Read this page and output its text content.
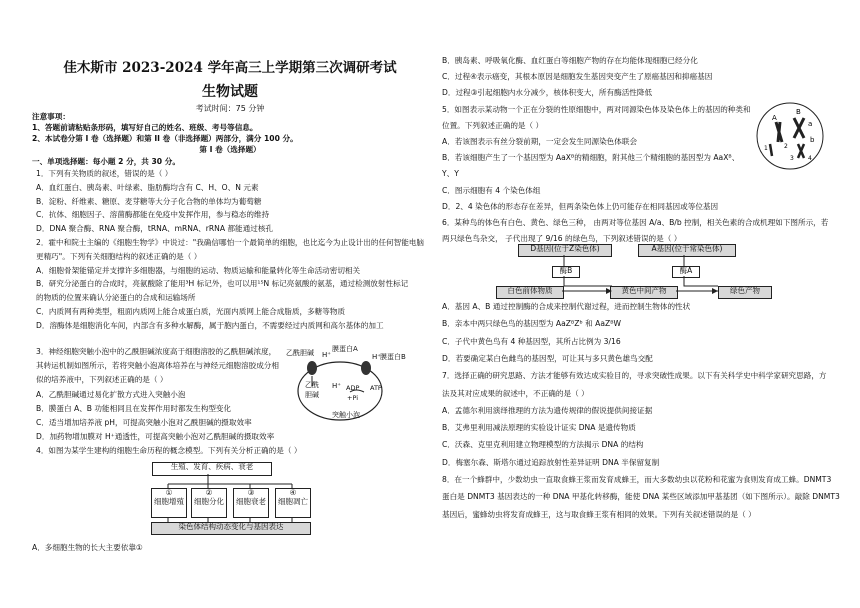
佳木斯市 2023-2024 学年高三上学期第三次调研考试
生物试题
考试时间：75 分钟
注意事项：
1、答题前请粘贴条形码，填写好自己的姓名、班级、考号等信息。
2、本试卷分第 I 卷（选择题）和第 II 卷（非选择题）两部分，满分 100 分。
第 I 卷（选择题）
一、单项选择题：每小题 2 分，共 30 分。
1．下列有关物质的叙述，错误的是（ ）
A．血红蛋白、胰岛素、叶绿素、脂肪酶均含有 C、H、O、N 元素
B．淀粉、纤维素、糖原、麦芽糖等大分子化合物的单体均为葡萄糖
C．抗体、细胞因子、溶菌酶都能在免疫中发挥作用，参与稳态的维持
D．DNA 聚合酶、RNA 聚合酶，tRNA、mRNA、rRNA 都能通过核孔
2．霍中和院士主编的《细胞生物学》中说过："我确信哪怕一个最简单的细胞，也比迄今为止设计出的任何智能电脑
更精巧"。下列有关细胞结构的叙述正确的是（ ）
A．细胞骨架能锚定并支撑许多细胞器，与细胞的运动、物质运输和能量转化等生命活动密切相关
B．研究分泌蛋白的合成时，亮氨酸除了能用³H 标记外，也可以用¹⁵N 标记亮氨酸的氨基，通过检测放射性标记
的物质的位置来确认分泌蛋白的合成和运输场所
C．内质网有两种类型，粗面内质网上能合成蛋白质，光面内质网上能合成脂质，多糖等物质
D．溶酶体是细胞消化车间，内部含有多种水解酶，属于胞内蛋白，不需要经过内质网和高尔基体的加工
3．神经细胞突触小泡中的乙酰胆碱浓度高于细胞溶胶的乙酰胆碱浓度，
其转运机制如图所示，若将突触小泡离体培养在与神经元细胞溶胶成分相
似的培养液中，下列叙述正确的是（ ）
A．乙酰胆碱通过易化扩散方式进入突触小泡
B．膜蛋白 A、B 功能相同且在发挥作用时都发生构型变化
C．适当增加培养液 pH，可提高突触小泡对乙酰胆碱的摄取效率
D．加药物增加膜对 H⁺通透性，可提高突触小泡对乙酰胆碱的摄取效率
4．如图为某学生建构的细胞生命历程的概念模型。下列有关分析正确的是（ ）
乙酰胆碱 H⁺
膜蛋白A
H⁺ 膜蛋白B
乙酰
胆碱
H⁺ ADP ATP
+Pi
突触小泡
生殖、发育、疾病、衰老
①
细胞增殖
②
细胞分化
③
细胞衰老
④
细胞凋亡
染色体结构动态变化与基因表达
A．多细胞生物的长大主要依靠①
B．胰岛素、呼吸氧化酶、血红蛋白等细胞产物的存在均能体现细胞已经分化
C．过程④表示癌变，其根本原因是细胞发生基因突变产生了原癌基因和抑癌基因
D．过程③引起细胞内水分减少，核体积变大，所有酶活性降低
5．如图表示某动物一个正在分裂的性原细胞中，两对同源染色体及染色体上的基因的种类和
位置。下列叙述正确的是（ ）
A．若该图表示有丝分裂前期，一定会发生同源染色体联会
B．若该细胞产生了一个基因型为 AaXᴮ的精细胞，附其他三个精细胞的基因型为 AaXᴮ、
Y、Y
C．图示细胞有 4 个染色体组
D．2、4 染色体的形态存在差异，但两条染色体上仍可能存在相同基因或等位基因
6．某种鸟的体色有白色、黄色、绿色三种， 由两对等位基因 A/a、B/b 控制，相关色素的合成机理如下图所示，若
两只绿色鸟杂交， 子代出现了 9/16 的绿色鸟，下列叙述错误的是（ ）
A
B
a
b
1	2
3 4
D基因(位于Z染色体)	A基因(位于常染色体)
酶B	酶A
白色前体物质	黄色中间产物	绿色产物
A．基因 A、B 通过控制酶的合成来控制代谢过程，进而控制生物体的性状
B．亲本中两只绿色鸟的基因型为 AaZᴮZᵇ 和 AaZᴮW
C．子代中黄色鸟有 4 种基因型，其所占比例为 3/16
D．若要确定某白色雌鸟的基因型，可让其与多只黄色雄鸟交配
7．选择正确的研究思路、方法才能够有效达成实验目的，寻求突破性成果。以下有关科学史中科学家研究思路，方
法及其对应成果的叙述中，不正确的是（ ）
A．孟德尔利用演绎推理的方法为遗传规律的假说提供间接证据
B．艾弗里利用减法原理的实验设计证实 DNA 是遗传物质
C．沃森、克里克利用建立物理模型的方法揭示 DNA 的结构
D．梅塞尔森、斯塔尔通过追踪放射性差异证明 DNA 半保留复制
8．在一个蜂群中，少数幼虫一直取食蜂王浆而发育成蜂王，而大多数幼虫以花粉和花蜜为食则发育成工蜂。DNMT3
蛋白是 DNMT3 基因表达的一种 DNA 甲基化转移酶，能使 DNA 某些区域添加甲基基团（如下图所示）。敲除 DNMT3
基因后，蜜蜂幼虫将发育成蜂王，这与取食蜂王浆有相同的效果。下列有关叙述错误的是（ ）
